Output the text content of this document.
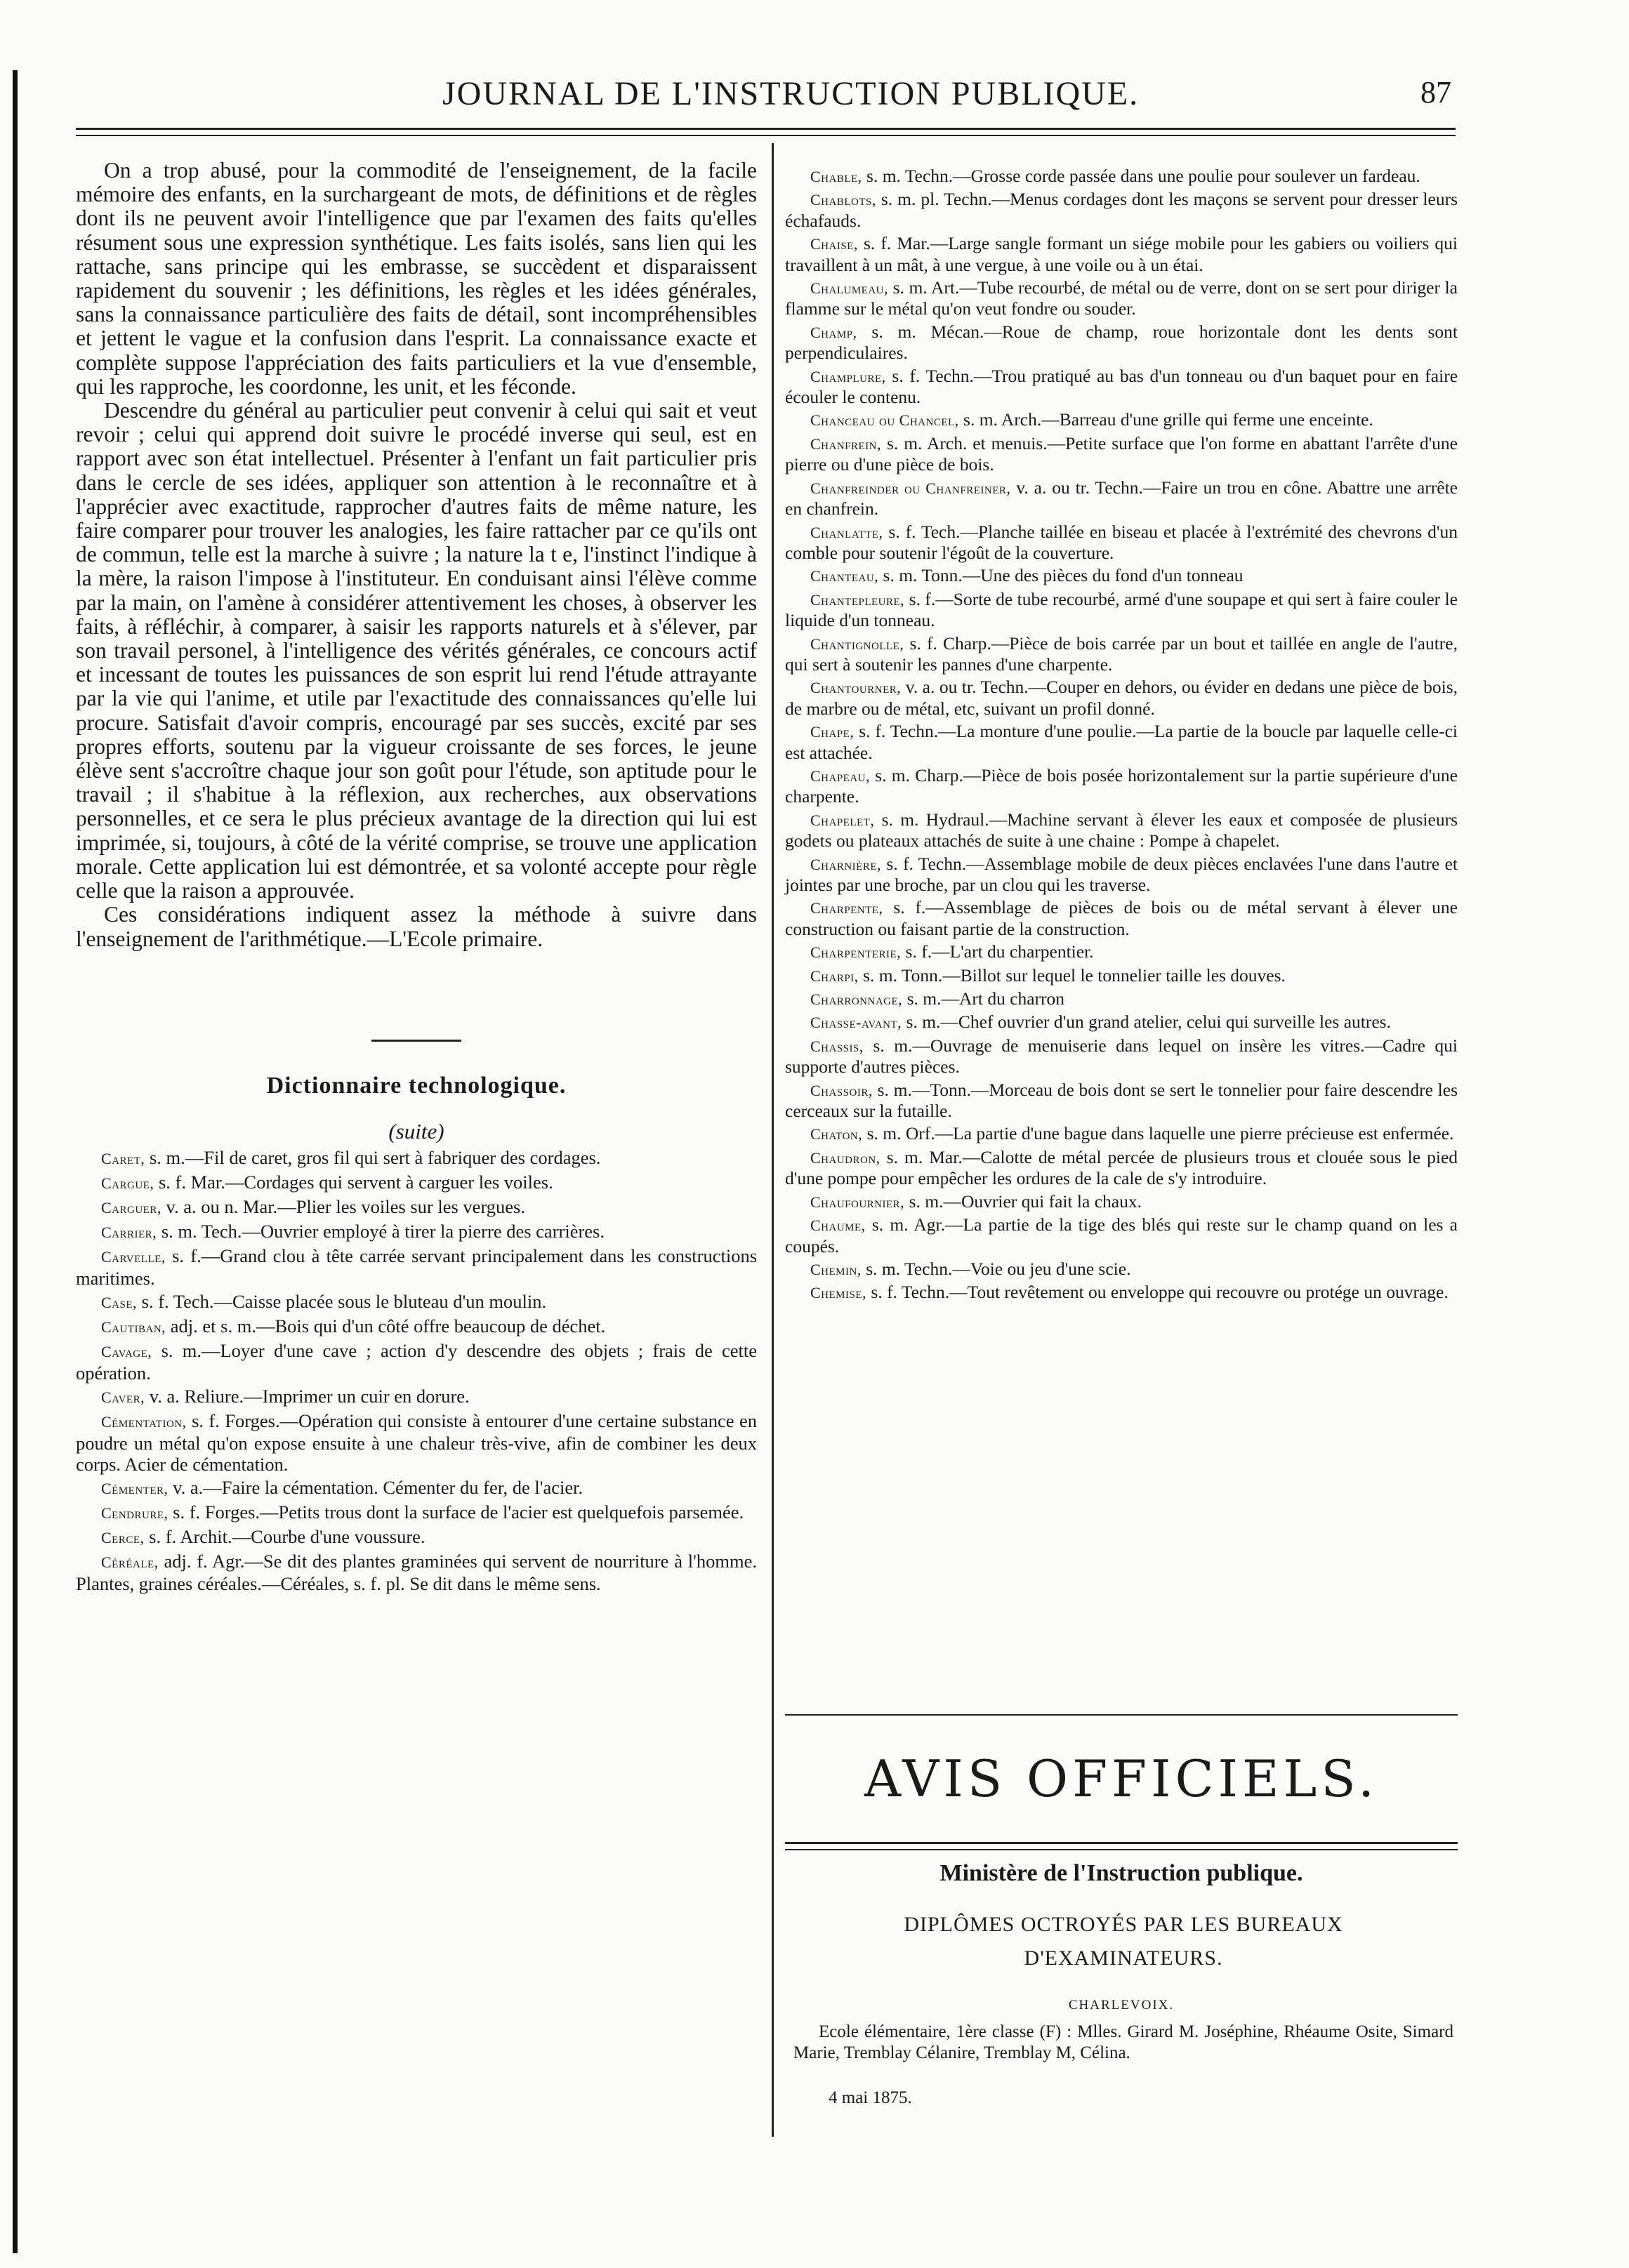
JOURNAL DE L'INSTRUCTION PUBLIQUE.	87

On a trop abusé, pour la commodité de l'enseignement, de la facile mémoire des enfants, en la surchargeant de mots, de définitions et de règles dont ils ne peuvent avoir l'intelligence que par l'examen des faits qu'elles résument sous une expression synthétique. Les faits isolés, sans lien qui les rattache, sans principe qui les embrasse, se succèdent et disparaissent rapidement du souvenir ; les définitions, les règles et les idées générales, sans la connaissance particulière des faits de détail, sont incompréhensibles et jettent le vague et la confusion dans l'esprit. La connaissance exacte et complète suppose l'appréciation des faits particuliers et la vue d'ensemble, qui les rapproche, les coordonne, les unit, et les féconde.

Descendre du général au particulier peut convenir à celui qui sait et veut revoir ; celui qui apprend doit suivre le procédé inverse qui seul, est en rapport avec son état intellectuel. Présenter à l'enfant un fait particulier pris dans le cercle de ses idées, appliquer son attention à le reconnaître et à l'apprécier avec exactitude, rapprocher d'autres faits de même nature, les faire comparer pour trouver les analogies, les faire rattacher par ce qu'ils ont de commun, telle est la marche à suivre ; la nature la t e, l'instinct l'indique à la mère, la raison l'impose à l'instituteur. En conduisant ainsi l'élève comme par la main, on l'amène à considérer attentivement les choses, à observer les faits, à réfléchir, à comparer, à saisir les rapports naturels et à s'élever, par son travail personel, à l'intelligence des vérités générales, ce concours actif et incessant de toutes les puissances de son esprit lui rend l'étude attrayante par la vie qui l'anime, et utile par l'exactitude des connaissances qu'elle lui procure. Satisfait d'avoir compris, encouragé par ses succès, excité par ses propres efforts, soutenu par la vigueur croissante de ses forces, le jeune élève sent s'accroître chaque jour son goût pour l'étude, son aptitude pour le travail ; il s'habitue à la réflexion, aux recherches, aux observations personnelles, et ce sera le plus précieux avantage de la direction qui lui est imprimée, si, toujours, à côté de la vérité comprise, se trouve une application morale. Cette application lui est démontrée, et sa volonté accepte pour règle celle que la raison a approuvée.

Ces considérations indiquent assez la méthode à suivre dans l'enseignement de l'arithmétique.—L'Ecole primaire.

Dictionnaire technologique.
(suite)

Caret, s. m.—Fil de caret, gros fil qui sert à fabriquer des cordages.

Cargue, s. f. Mar.—Cordages qui servent à carguer les voiles.

Carguer, v. a. ou n. Mar.—Plier les voiles sur les vergues.

Carrier, s. m. Tech.—Ouvrier employé à tirer la pierre des carrières.

Carvelle, s. f.—Grand clou à tête carrée servant principalement dans les constructions maritimes.

Case, s. f. Tech.—Caisse placée sous le bluteau d'un moulin.

Cautiban, adj. et s. m.—Bois qui d'un côté offre beaucoup de déchet.

Cavage, s. m.—Loyer d'une cave ; action d'y descendre des objets ; frais de cette opération.

Caver, v. a. Reliure.—Imprimer un cuir en dorure.

Cémentation, s. f. Forges.—Opération qui consiste à entourer d'une certaine substance en poudre un métal qu'on expose ensuite à une chaleur très-vive, afin de combiner les deux corps. Acier de cémentation.

Cémenter, v. a.—Faire la cémentation. Cémenter du fer, de l'acier.

Cendrure, s. f. Forges.—Petits trous dont la surface de l'acier est quelquefois parsemée.

Cerce, s. f. Archit.—Courbe d'une voussure.

Céréale, adj. f. Agr.—Se dit des plantes graminées qui servent de nourriture à l'homme. Plantes, graines céréales.—Céréales, s. f. pl. Se dit dans le même sens.

Chable, s. m. Techn.—Grosse corde passée dans une poulie pour soulever un fardeau.

Chablots, s. m. pl. Techn.—Menus cordages dont les maçons se servent pour dresser leurs échafauds.

Chaise, s. f. Mar.—Large sangle formant un siége mobile pour les gabiers ou voiliers qui travaillent à un mât, à une vergue, à une voile ou à un étai.

Chalumeau, s. m. Art.—Tube recourbé, de métal ou de verre, dont on se sert pour diriger la flamme sur le métal qu'on veut fondre ou souder.

Champ, s. m. Mécan.—Roue de champ, roue horizontale dont les dents sont perpendiculaires.

Champlure, s. f. Techn.—Trou pratiqué au bas d'un tonneau ou d'un baquet pour en faire écouler le contenu.

Chanceau ou Chancel, s. m. Arch.—Barreau d'une grille qui ferme une enceinte.

Chanfrein, s. m. Arch. et menuis.—Petite surface que l'on forme en abattant l'arrête d'une pierre ou d'une pièce de bois.

Chanfreinder ou Chanfreiner, v. a. ou tr. Techn.—Faire un trou en cône. Abattre une arrête en chanfrein.

Chanlatte, s. f. Tech.—Planche taillée en biseau et placée à l'extrémité des chevrons d'un comble pour soutenir l'égoût de la couverture.

Chanteau, s. m. Tonn.—Une des pièces du fond d'un tonneau

Chantepleure, s. f.—Sorte de tube recourbé, armé d'une soupape et qui sert à faire couler le liquide d'un tonneau.

Chantignolle, s. f. Charp.—Pièce de bois carrée par un bout et taillée en angle de l'autre, qui sert à soutenir les pannes d'une charpente.

Chantourner, v. a. ou tr. Techn.—Couper en dehors, ou évider en dedans une pièce de bois, de marbre ou de métal, etc, suivant un profil donné.

Chape, s. f. Techn.—La monture d'une poulie.—La partie de la boucle par laquelle celle-ci est attachée.

Chapeau, s. m. Charp.—Pièce de bois posée horizontalement sur la partie supérieure d'une charpente.

Chapelet, s. m. Hydraul.—Machine servant à élever les eaux et composée de plusieurs godets ou plateaux attachés de suite à une chaine : Pompe à chapelet.

Charnière, s. f. Techn.—Assemblage mobile de deux pièces enclavées l'une dans l'autre et jointes par une broche, par un clou qui les traverse.

Charpente, s. f.—Assemblage de pièces de bois ou de métal servant à élever une construction ou faisant partie de la construction.

Charpenterie, s. f.—L'art du charpentier.

Charpi, s. m. Tonn.—Billot sur lequel le tonnelier taille les douves.

Charronnage, s. m.—Art du charron

Chasse-avant, s. m.—Chef ouvrier d'un grand atelier, celui qui surveille les autres.

Chassis, s. m.—Ouvrage de menuiserie dans lequel on insère les vitres.—Cadre qui supporte d'autres pièces.

Chassoir, s. m.—Tonn.—Morceau de bois dont se sert le tonnelier pour faire descendre les cerceaux sur la futaille.

Chaton, s. m. Orf.—La partie d'une bague dans laquelle une pierre précieuse est enfermée.

Chaudron, s. m. Mar.—Calotte de métal percée de plusieurs trous et clouée sous le pied d'une pompe pour empêcher les ordures de la cale de s'y introduire.

Chaufournier, s. m.—Ouvrier qui fait la chaux.

Chaume, s. m. Agr.—La partie de la tige des blés qui reste sur le champ quand on les a coupés.

Chemin, s. m. Techn.—Voie ou jeu d'une scie.

Chemise, s. f. Techn.—Tout revêtement ou enveloppe qui recouvre ou protége un ouvrage.

AVIS OFFICIELS.
Ministère de l'Instruction publique.
DIPLÔMES OCTROYÉS PAR LES BUREAUX D'EXAMINATEURS.
CHARLEVOIX.
Ecole élémentaire, 1ère classe (F) : Mlles. Girard M. Joséphine, Rhéaume Osite, Simard Marie, Tremblay Célanire, Tremblay M, Célina.
4 mai 1875.
